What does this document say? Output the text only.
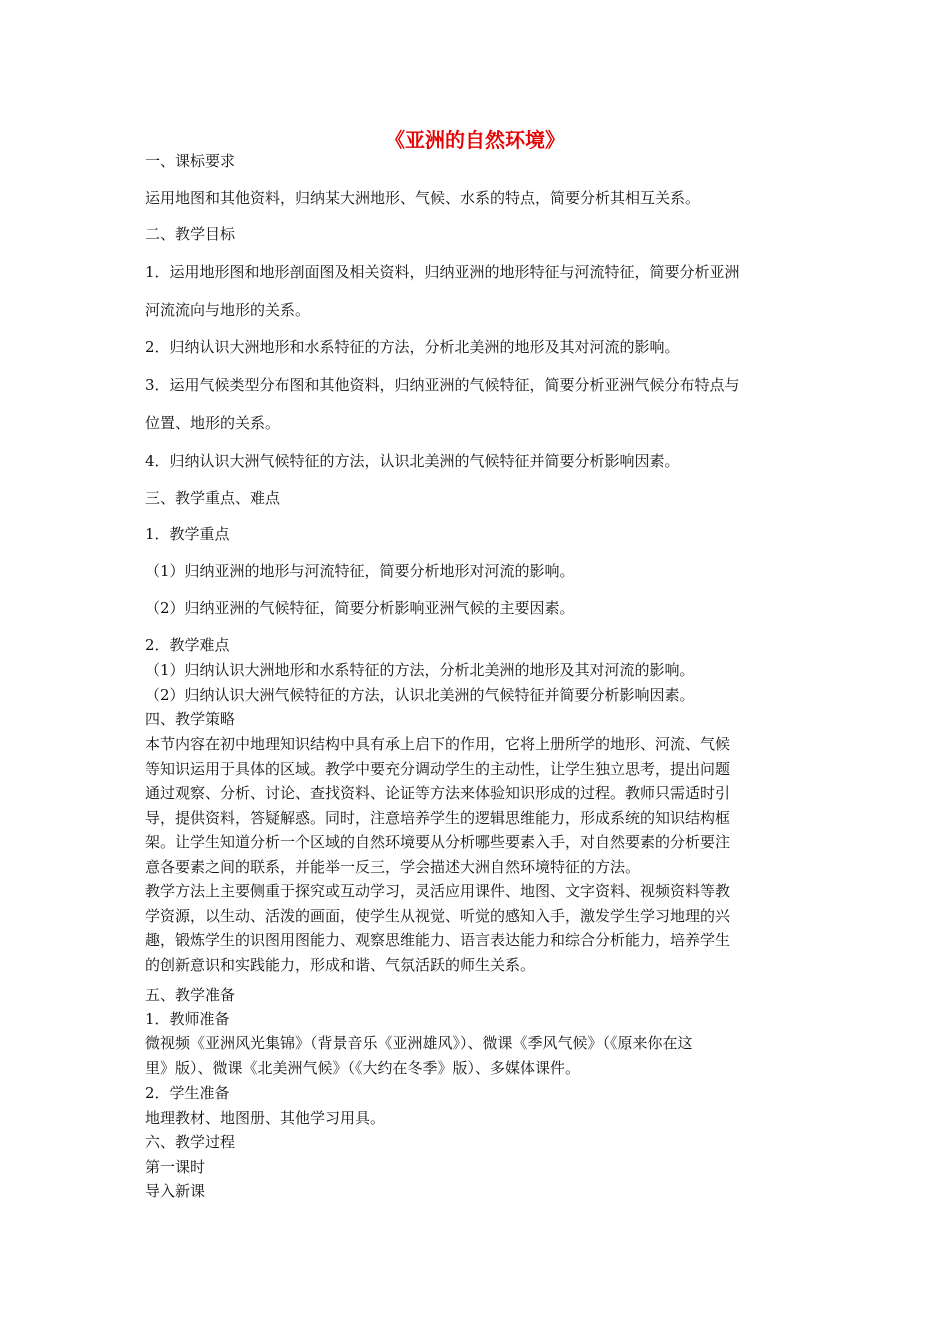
《亚洲的自然环境》
一、课标要求
运用地图和其他资料，归纳某大洲地形、气候、水系的特点，简要分析其相互关系。
二、教学目标
1．运用地形图和地形剖面图及相关资料，归纳亚洲的地形特征与河流特征，简要分析亚洲
河流流向与地形的关系。
2．归纳认识大洲地形和水系特征的方法，分析北美洲的地形及其对河流的影响。
3．运用气候类型分布图和其他资料，归纳亚洲的气候特征，简要分析亚洲气候分布特点与
位置、地形的关系。
4．归纳认识大洲气候特征的方法，认识北美洲的气候特征并简要分析影响因素。
三、教学重点、难点
1．教学重点
（1）归纳亚洲的地形与河流特征，简要分析地形对河流的影响。
（2）归纳亚洲的气候特征，简要分析影响亚洲气候的主要因素。
2．教学难点
（1）归纳认识大洲地形和水系特征的方法，分析北美洲的地形及其对河流的影响。
（2）归纳认识大洲气候特征的方法，认识北美洲的气候特征并简要分析影响因素。
四、教学策略
本节内容在初中地理知识结构中具有承上启下的作用，它将上册所学的地形、河流、气候
等知识运用于具体的区域。教学中要充分调动学生的主动性，让学生独立思考，提出问题
通过观察、分析、讨论、查找资料、论证等方法来体验知识形成的过程。教师只需适时引
导，提供资料，答疑解惑。同时，注意培养学生的逻辑思维能力，形成系统的知识结构框
架。让学生知道分析一个区域的自然环境要从分析哪些要素入手，对自然要素的分析要注
意各要素之间的联系，并能举一反三，学会描述大洲自然环境特征的方法。
教学方法上主要侧重于探究或互动学习，灵活应用课件、地图、文字资料、视频资料等教
学资源，以生动、活泼的画面，使学生从视觉、听觉的感知入手，激发学生学习地理的兴
趣，锻炼学生的识图用图能力、观察思维能力、语言表达能力和综合分析能力，培养学生
的创新意识和实践能力，形成和谐、气氛活跃的师生关系。
五、教学准备
1．教师准备
微视频《亚洲风光集锦》（背景音乐《亚洲雄风》）、微课《季风气候》（《原来你在这
里》版）、微课《北美洲气候》（《大约在冬季》版）、多媒体课件。
2．学生准备
地理教材、地图册、其他学习用具。
六、教学过程
第一课时
导入新课
